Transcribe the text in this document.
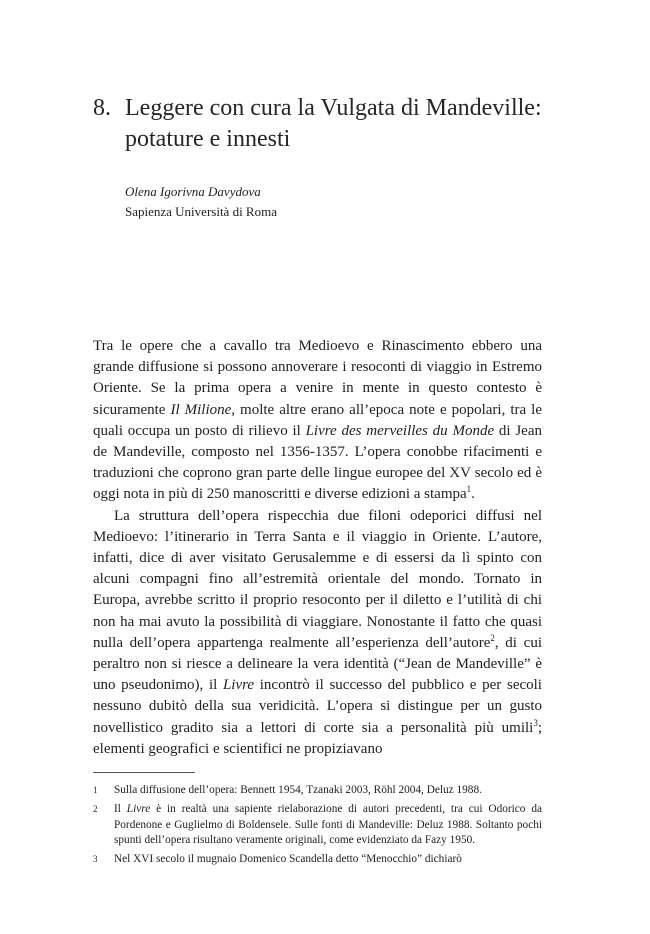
8. Leggere con cura la Vulgata di Mandeville: potature e innesti
Olena Igorivna Davydova
Sapienza Università di Roma

Tra le opere che a cavallo tra Medioevo e Rinascimento ebbero una grande diffusione si possono annoverare i resoconti di viaggio in Estremo Oriente. Se la prima opera a venire in mente in questo contesto è sicuramente Il Milione, molte altre erano all’epoca note e popolari, tra le quali occupa un posto di rilievo il Livre des merveilles du Monde di Jean de Mandeville, composto nel 1356-1357. L’opera conobbe rifacimenti e traduzioni che coprono gran parte delle lingue europee del XV secolo ed è oggi nota in più di 250 manoscritti e diverse edizioni a stampa$^1$.

La struttura dell’opera rispecchia due filoni odeporici diffusi nel Medioevo: l’itinerario in Terra Santa e il viaggio in Oriente. L’autore, infatti, dice di aver visitato Gerusalemme e di essersi da lì spinto con alcuni compagni fino all’estremità orientale del mondo. Tornato in Europa, avrebbe scritto il proprio resoconto per il diletto e l’utilità di chi non ha mai avuto la possibilità di viaggiare. Nonostante il fatto che quasi nulla dell’opera appartenga realmente all’esperienza dell’autore$^2$, di cui peraltro non si riesce a delineare la vera identità (“Jean de Mandeville” è uno pseudonimo), il Livre incontrò il successo del pubblico e per secoli nessuno dubitò della sua veridicità. L’opera si distingue per un gusto novellistico gradito sia a lettori di corte sia a personalità più umili$^3$; elementi geografici e scientifici ne propiziavano

1	Sulla diffusione dell’opera: Bennett 1954, Tzanaki 2003, Röhl 2004, Deluz 1988.
2	Il Livre è in realtà una sapiente rielaborazione di autori precedenti, tra cui Odorico da Pordenone e Guglielmo di Boldensele. Sulle fonti di Mandeville: Deluz 1988. Soltanto pochi spunti dell’opera risultano veramente originali, come evidenziato da Fazy 1950.
3	Nel XVI secolo il mugnaio Domenico Scandella detto “Menocchio” dichiarò
